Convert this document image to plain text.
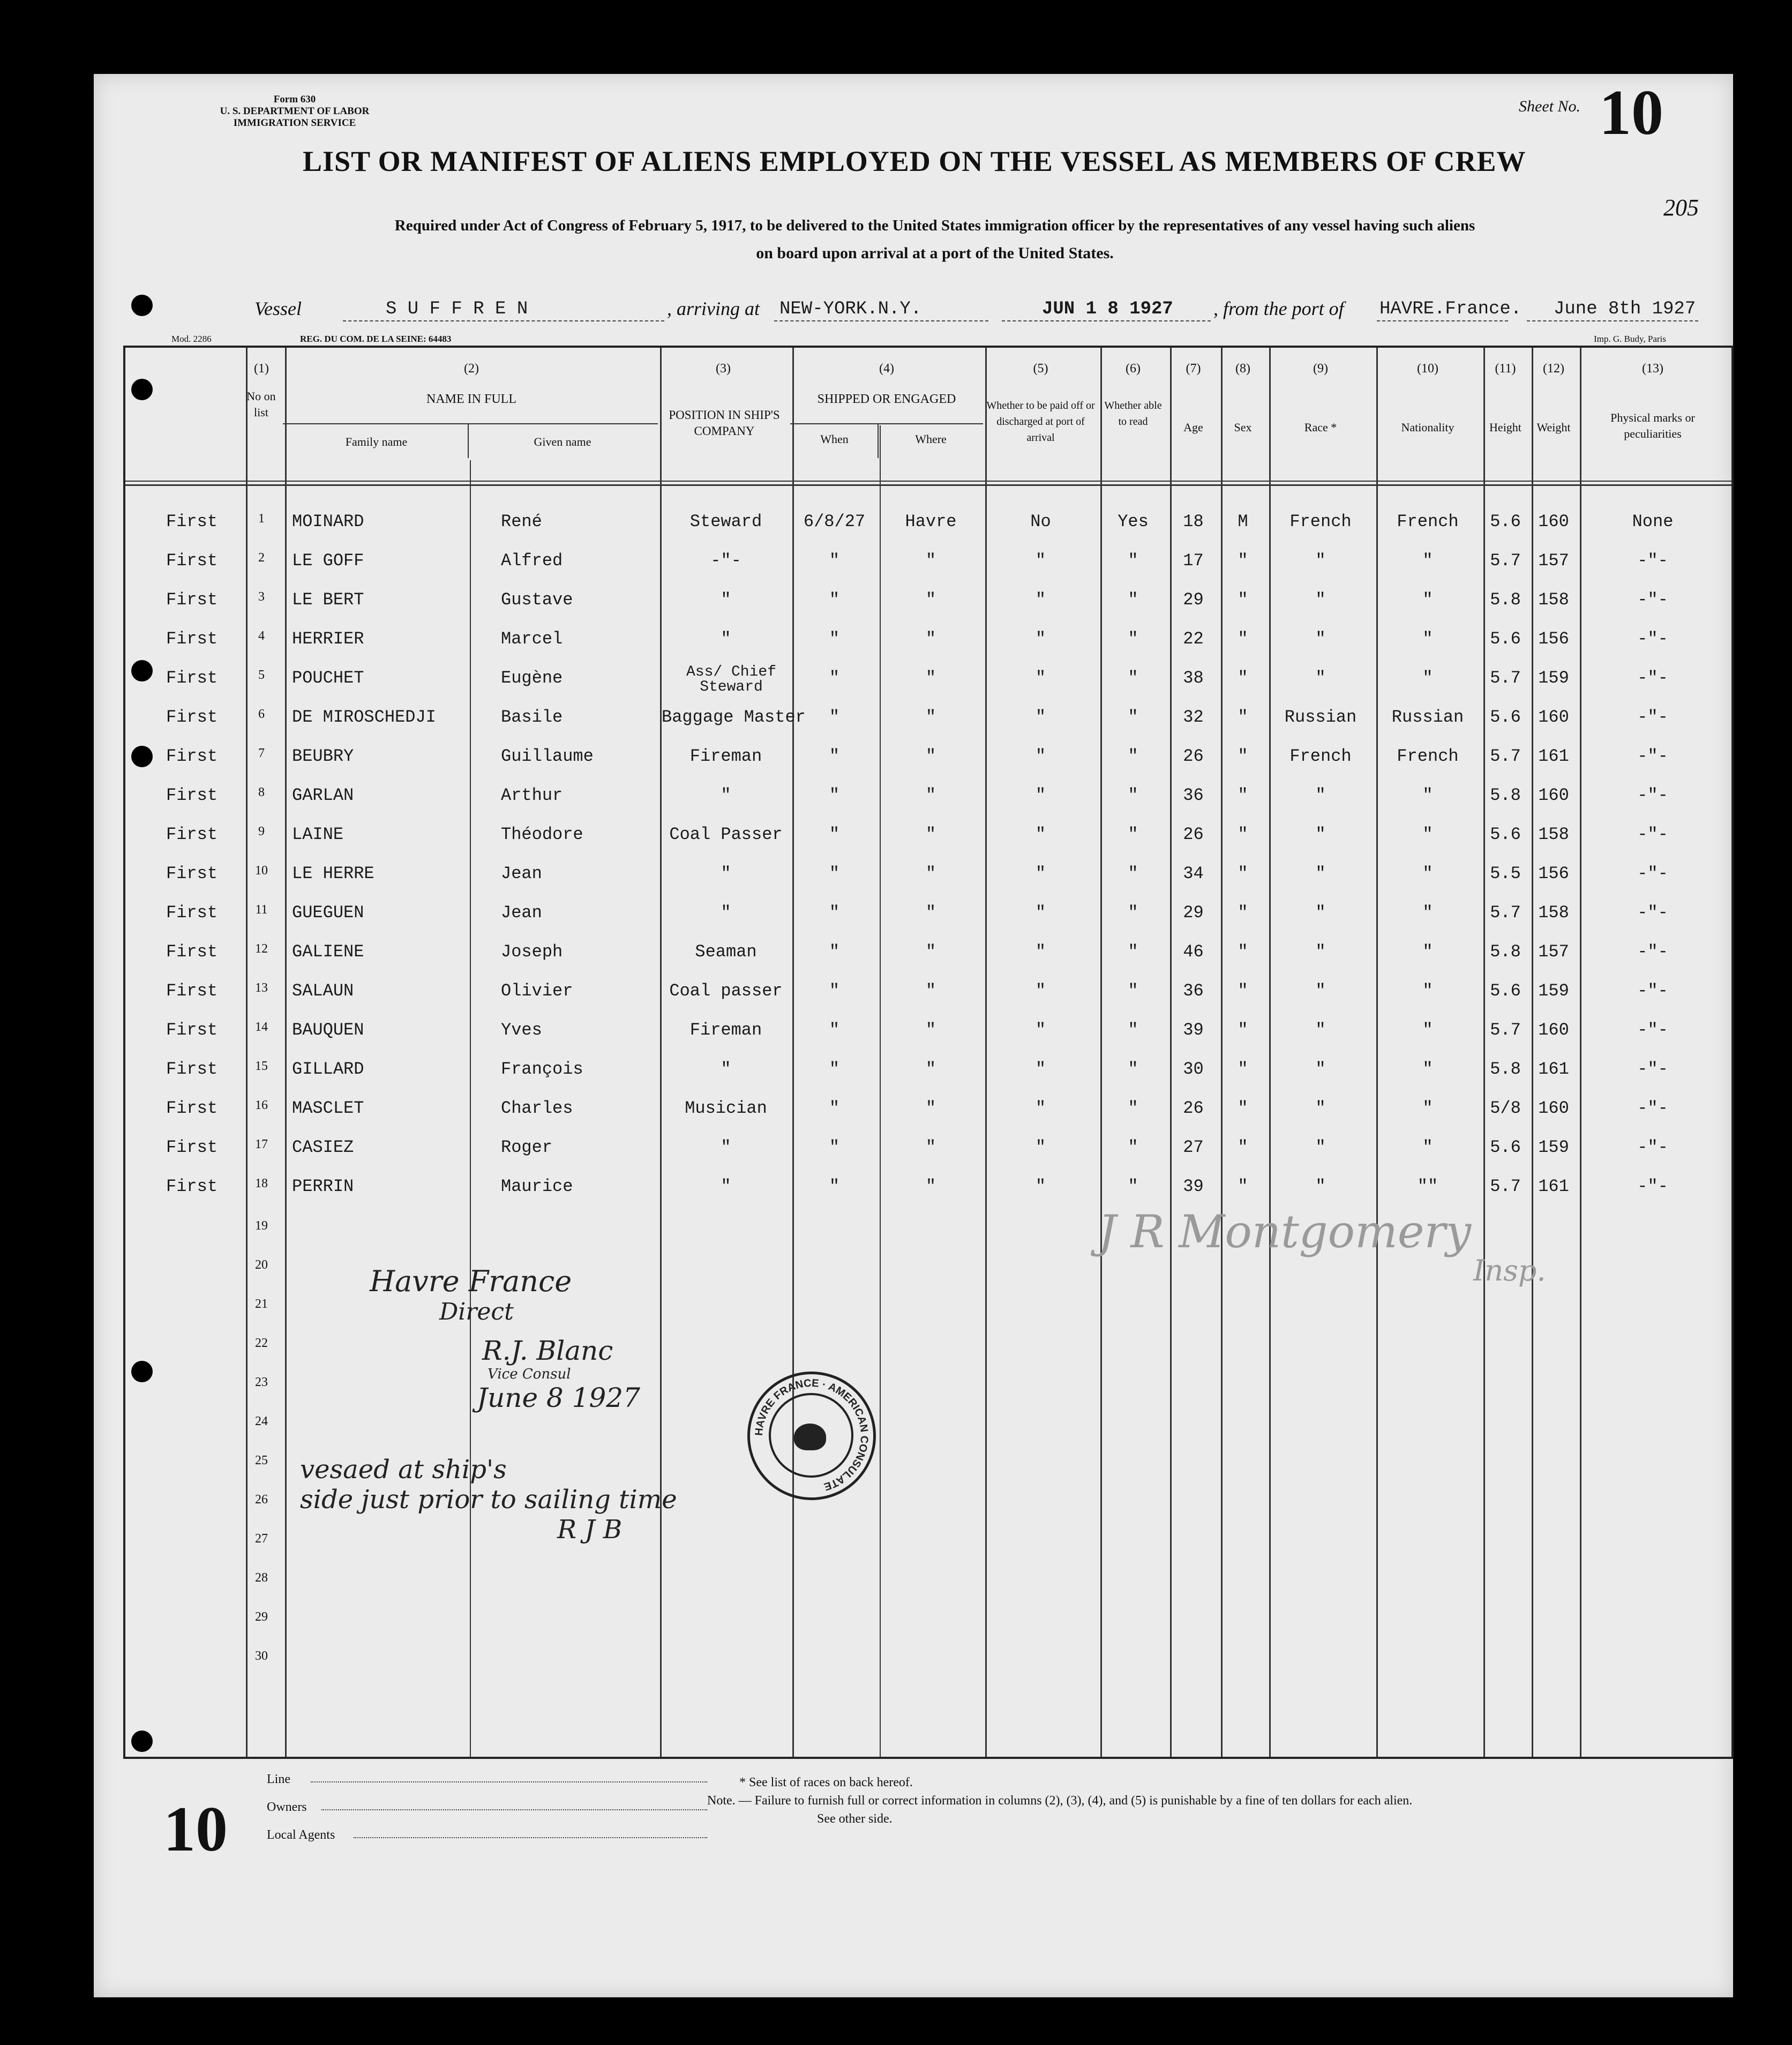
Form 630
U. S. DEPARTMENT OF LABOR
IMMIGRATION SERVICE
Sheet No. 10
205
LIST OR MANIFEST OF ALIENS EMPLOYED ON THE VESSEL AS MEMBERS OF CREW
Required under Act of Congress of February 5, 1917, to be delivered to the United States immigration officer by the representatives of any vessel having such aliens
on board upon arrival at a port of the United States.
Vessel	S U F F R E N	, arriving at NEW-YORK.N.Y.	JUN 1 8 1927 , from the port of HAVRE.France. June 8th 1927
Mod. 2286	REG. DU COM. DE LA SEINE: 64483	Imp. G. Budy, Paris
(1)
No on list
(2)
NAME IN FULL
Family name	Given name
(3)
POSITION IN SHIP'S COMPANY
(4)
SHIPPED OR ENGAGED
When	Where
(5)
Whether to be paid off or discharged at port of arrival
(6)
Whether able to read
(7)
Age
(8)
Sex
(9)
Race *
(10)
Nationality
(11)
Height
(12)
Weight
(13)
Physical marks or peculiarities
First	1	MOINARD	René	Steward	6/8/27	Havre	No	Yes	18	M	French	French	5.6	160	None
First	2	LE GOFF	Alfred	-"-	"	"	"	"	17	"	"	"	5.7	157	-"-
First	3	LE BERT	Gustave	"	"	"	"	"	29	"	"	"	5.8	158	-"-
First	4	HERRIER	Marcel	"	"	"	"	"	22	"	"	"	5.6	156	-"-
First	5	POUCHET	Eugène	Ass/ Chief Steward	"	"	"	"	38	"	"	"	5.7	159	-"-
First	6	DE MIROSCHEDJI	Basile	Baggage Master	"	"	"	"	32	"	Russian	Russian	5.6	160	-"-
First	7	BEUBRY	Guillaume	Fireman	"	"	"	"	26	"	French	French	5.7	161	-"-
First	8	GARLAN	Arthur	"	"	"	"	"	36	"	"	"	5.8	160	-"-
First	9	LAINE	Théodore	Coal Passer	"	"	"	"	26	"	"	"	5.6	158	-"-
First	10	LE HERRE	Jean	"	"	"	"	"	34	"	"	"	5.5	156	-"-
First	11	GUEGUEN	Jean	"	"	"	"	"	29	"	"	"	5.7	158	-"-
First	12	GALIENE	Joseph	Seaman	"	"	"	"	46	"	"	"	5.8	157	-"-
First	13	SALAUN	Olivier	Coal passer	"	"	"	"	36	"	"	"	5.6	159	-"-
First	14	BAUQUEN	Yves	Fireman	"	"	"	"	39	"	"	"	5.7	160	-"-
First	15	GILLARD	François	"	"	"	"	"	30	"	"	"	5.8	161	-"-
First	16	MASCLET	Charles	Musician	"	"	"	"	26	"	"	"	5/8	160	-"-
First	17	CASIEZ	Roger	"	"	"	"	"	27	"	"	"	5.6	159	-"-
First	18	PERRIN	Maurice	"	"	"	"	"	39	"	"	""	5.7	161	-"-
19
20
21
22
23
24
25
26
27
28
29
30
Havre France
Direct
R.J. Blanc
Vice Consul
June 8 1927
vesaed at ship's
side just prior to sailing time
R J B
J R Montgomery
Insp.
HAVRE FRANCE · AMERICAN CONSULATE
Line
Owners
Local Agents
10
* See list of races on back hereof.
Note. — Failure to furnish full or correct information in columns (2), (3), (4), and (5) is punishable by a fine of ten dollars for each alien.
See other side.
